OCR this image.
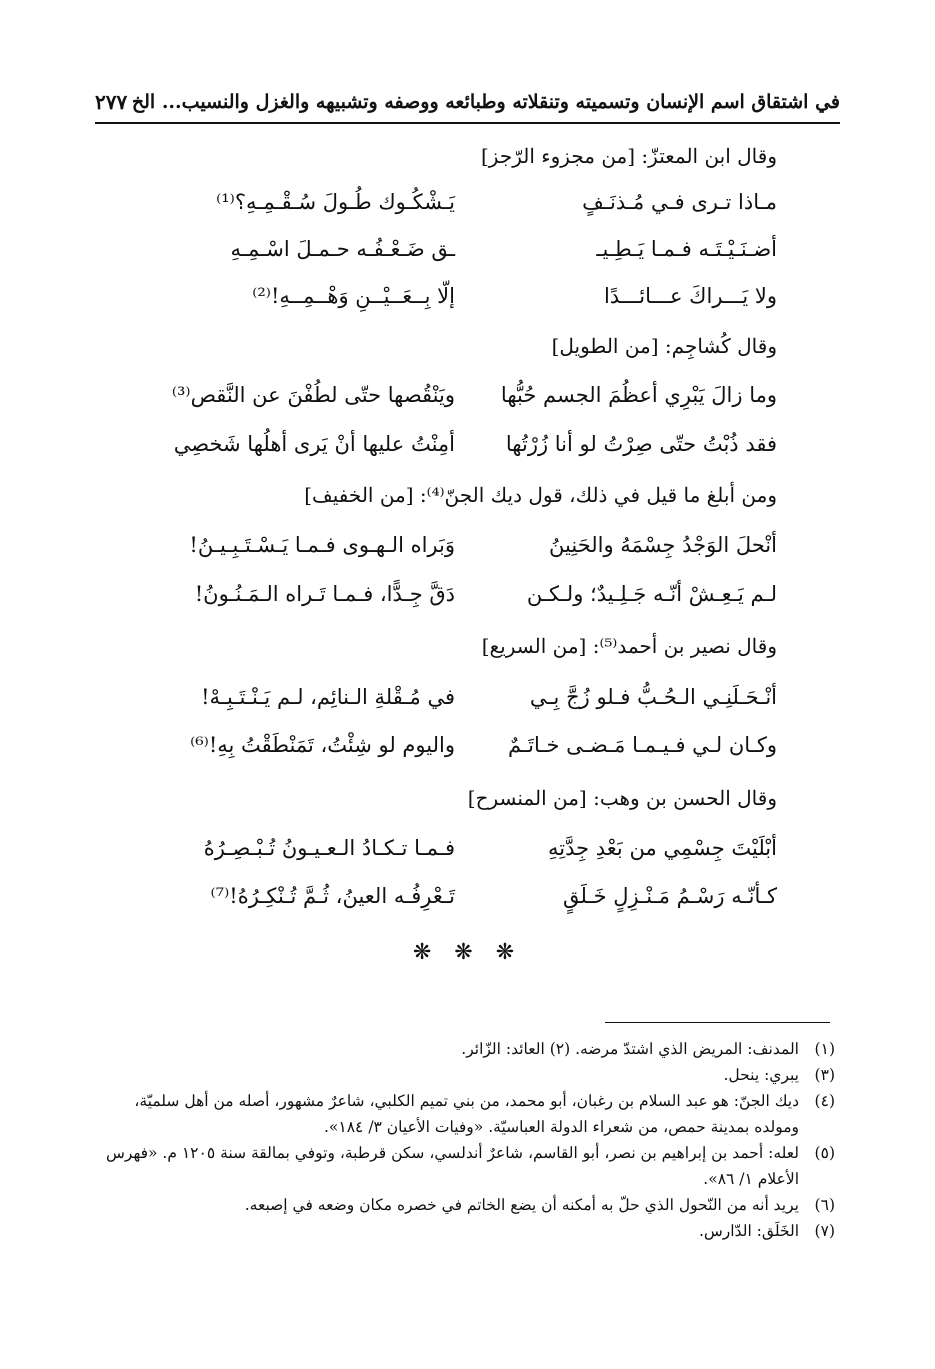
في اشتقاق اسم الإنسان وتسميته وتنقلاته وطبائعه ووصفه وتشبيهه والغزل والنسيب... الخ
٢٧٧
وقال ابن المعتزّ: [من مجزوء الرّجز]
مـاذا تـرى فـي مُـذنَـفٍ
يَـشْكُـوك طُـولَ سُـقْـمِـهِ؟⁽¹⁾
أضـنَـيْـتَـه فـمـا يَـطِـيـ
ـق ضَـعْـفُـه حـمـلَ اسْـمِـهِ
ولا يَـــراكَ عـــائـــدًا
إلّا بِــعَــيْــنِ وَهْــمِــهِ!⁽²⁾
وقال كُشاجِم: [من الطويل]
وما زالَ يَبْرِي أعظُمَ الجسم حُبُّها
ويَنْقُصها حتّى لطُفْنَ عن النَّقص⁽³⁾
فقد ذُبْتُ حتّى صِرْتُ لو أنا زُرْتُها
أمِنْتُ عليها أنْ يَرى أهلُها شَخصِي
ومن أبلغ ما قيل في ذلك، قول ديك الجنّ⁽⁴⁾: [من الخفيف]
أنْحلَ الوَجْدُ جِسْمَهُ والحَنِينُ
وَبَراه الـهـوى فـمـا يَـسْـتَـبِـيـنُ!
لـم يَـعِـشْ أنّـه جَـلِـيدٌ؛ ولـكـن
دَقَّ جِـدًّا، فـمـا تَـراه الـمَـنُـونُ!
وقال نصير بن أحمد⁽⁵⁾: [من السريع]
أنْـحَـلَنِـي الـحُـبُّ فـلو زُجَّ بِـي
في مُـقْلةِ الـنائِم، لـم يَـنْـتَـبِـهْ!
وكـان لـي فـيـمـا مَـضـى خـاتَـمٌ
واليوم لو شِئْتُ، تَمَنْطَقْتُ بِهِ!⁽⁶⁾
وقال الحسن بن وهب: [من المنسرح]
أبْلَيْتَ جِسْمِي من بَعْدِ جِدَّتِهِ
فـمـا تـكـادُ الـعـيـونُ تُـبْـصِـرُهُ
كـأنّـه رَسْـمُ مَـنْـزِلٍ خَـلَقٍ
تَـعْرِفُـه العينُ، ثُـمَّ تُـنْكِـرُهُ!⁽⁷⁾
❋ ❋ ❋
(١)
المدنف: المريض الذي اشتدّ مرضه. (٢) العائد: الزّائر.
(٣)
يبري: ينحل.
(٤)
ديك الجنّ: هو عبد السلام بن رغبان، أبو محمد، من بني تميم الكلبي، شاعرٌ مشهور، أصله من أهل سلميّة، ومولده بمدينة حمص، من شعراء الدولة العباسيّة. «وفيات الأعيان ٣/ ١٨٤».
(٥)
لعله: أحمد بن إبراهيم بن نصر، أبو القاسم، شاعرٌ أندلسي، سكن قرطبة، وتوفي بمالقة سنة ١٢٠٥ م. «فهرس الأعلام ١/ ٨٦».
(٦)
يريد أنه من النّحول الذي حلّ به أمكنه أن يضع الخاتم في خصره مكان وضعه في إصبعه.
(٧)
الخَلَق: الدّارس.
